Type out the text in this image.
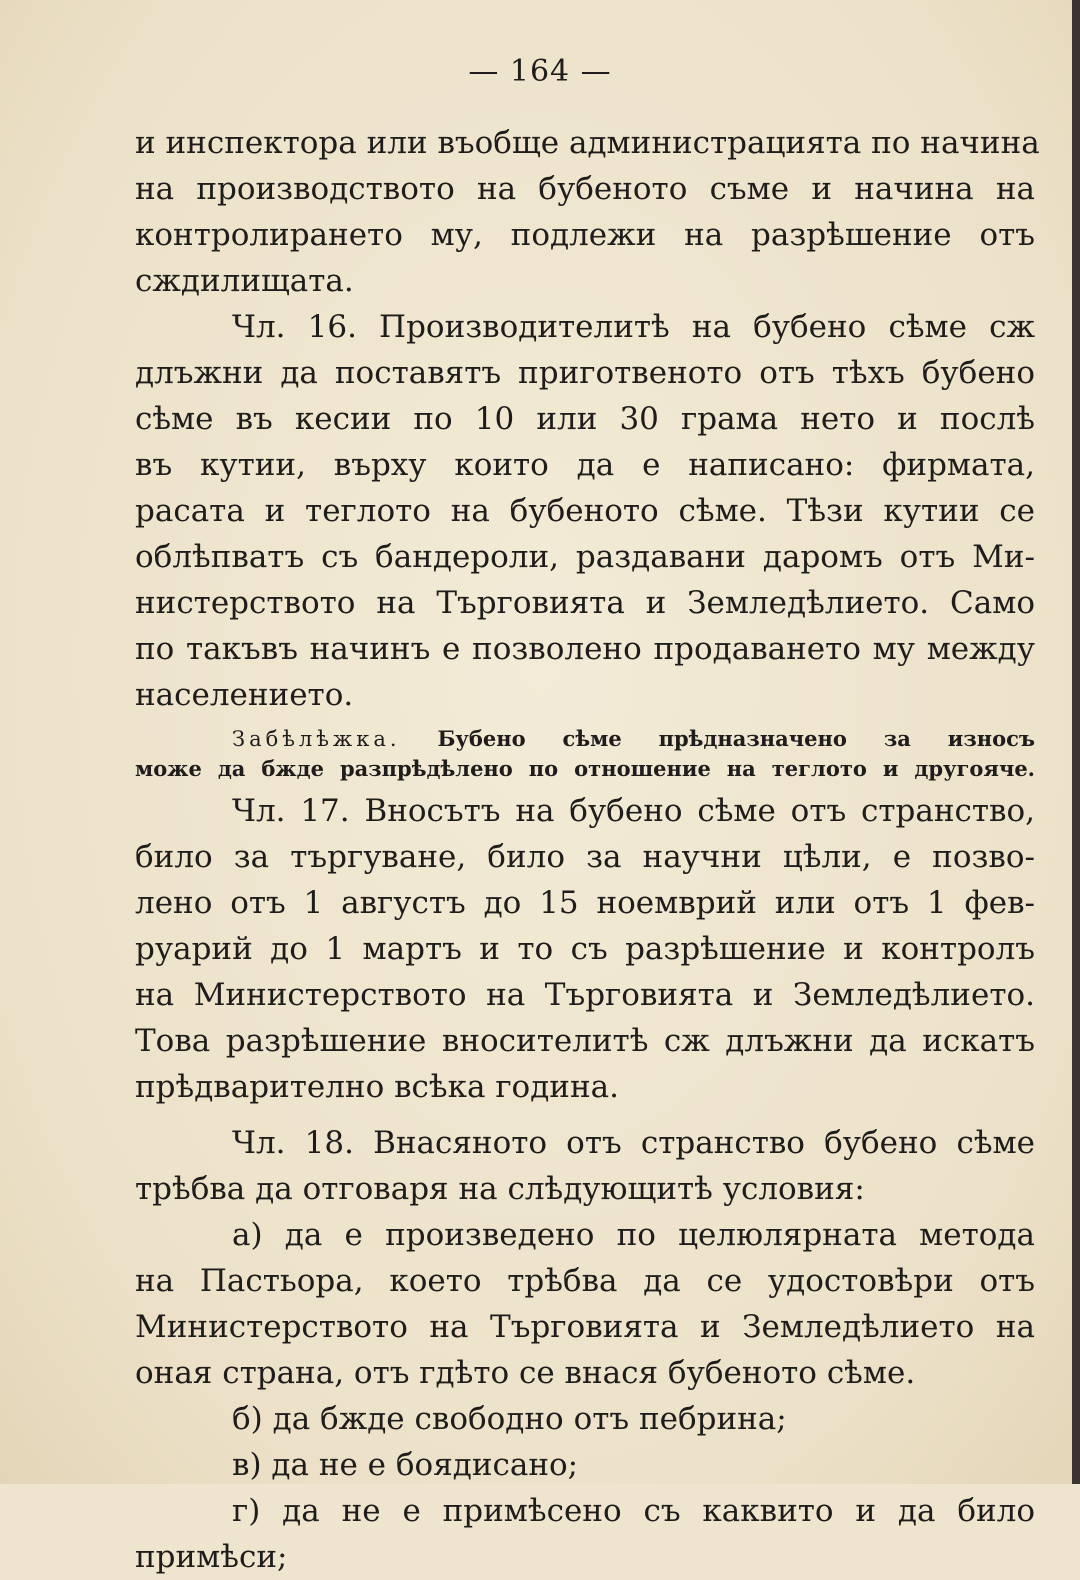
— 164 —
и инспектора или въобще администрацията по начина
на производството на бубеното съме и начина на
контролирането му, подлежи на разрѣшение отъ
сждилищата.
Чл. 16. Производителитѣ на бубено сѣме сж
длъжни да поставятъ приготвеното отъ тѣхъ бубено
сѣме въ кесии по 10 или 30 грама нето и послѣ
въ кутии, върху които да е написано: фирмата,
расата и теглото на бубеното сѣме. Тѣзи кутии се
облѣпватъ съ бандероли, раздавани даромъ отъ Ми-
нистерството на Търговията и Земледѣлието. Само
по такъвъ начинъ е позволено продаването му между
населението.
Забѣлѣжка. Бубено сѣме прѣдназначено за износъ
може да бжде разпрѣдѣлено по отношение на теглото и другояче.
Чл. 17. Вносътъ на бубено сѣме отъ странство,
било за търгуване, било за научни цѣли, е позво-
лено отъ 1 августъ до 15 ноемврий или отъ 1 фев-
руарий до 1 мартъ и то съ разрѣшение и контролъ
на Министерството на Търговията и Земледѣлието.
Това разрѣшение вносителитѣ сж длъжни да искатъ
прѣдварително всѣка година.
Чл. 18. Внасяното отъ странство бубено сѣме
трѣбва да отговаря на слѣдующитѣ условия:
а) да е произведено по целюлярната метода
на Пастьора, което трѣбва да се удостовѣри отъ
Министерството на Търговията и Земледѣлието на
оная страна, отъ гдѣто се внася бубеното сѣме.
б) да бжде свободно отъ пебрина;
в) да не е боядисано;
г) да не е примѣсено съ каквито и да било
примѣси;
